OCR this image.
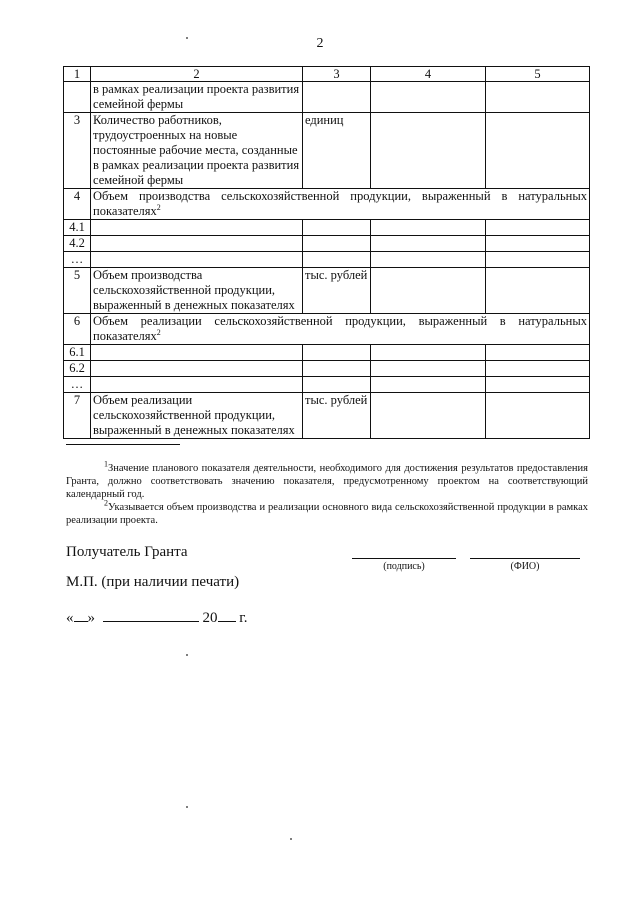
2
1	2	3	4	5
	в рамках реализации проекта развития семейной фермы			
3	Количество работников, трудоустроенных на новые постоянные рабочие места, созданные в рамках реализации проекта развития семейной фермы	единиц		
4	Объем производства сельскохозяйственной продукции, выраженный в натуральных показателях$^2$
4.1				
4.2				
…				
5	Объем производства сельскохозяйственной продукции, выраженный в денежных показателях	тыс. рублей		
6	Объем реализации сельскохозяйственной продукции, выраженный в натуральных показателях$^2$
6.1				
6.2				
…				
7	Объем реализации сельскохозяйственной продукции, выраженный в денежных показателях	тыс. рублей		

$^1$Значение планового показателя деятельности, необходимого для достижения результатов предоставления Гранта, должно соответствовать значению показателя, предусмотренному проектом на соответствующий календарный год.

$^2$Указывается объем производства и реализации основного вида сельскохозяйственной продукции в рамках реализации проекта.

Получатель Гранта
(подпись)	(ФИО)
М.П. (при наличии печати)
« »	20 г.
